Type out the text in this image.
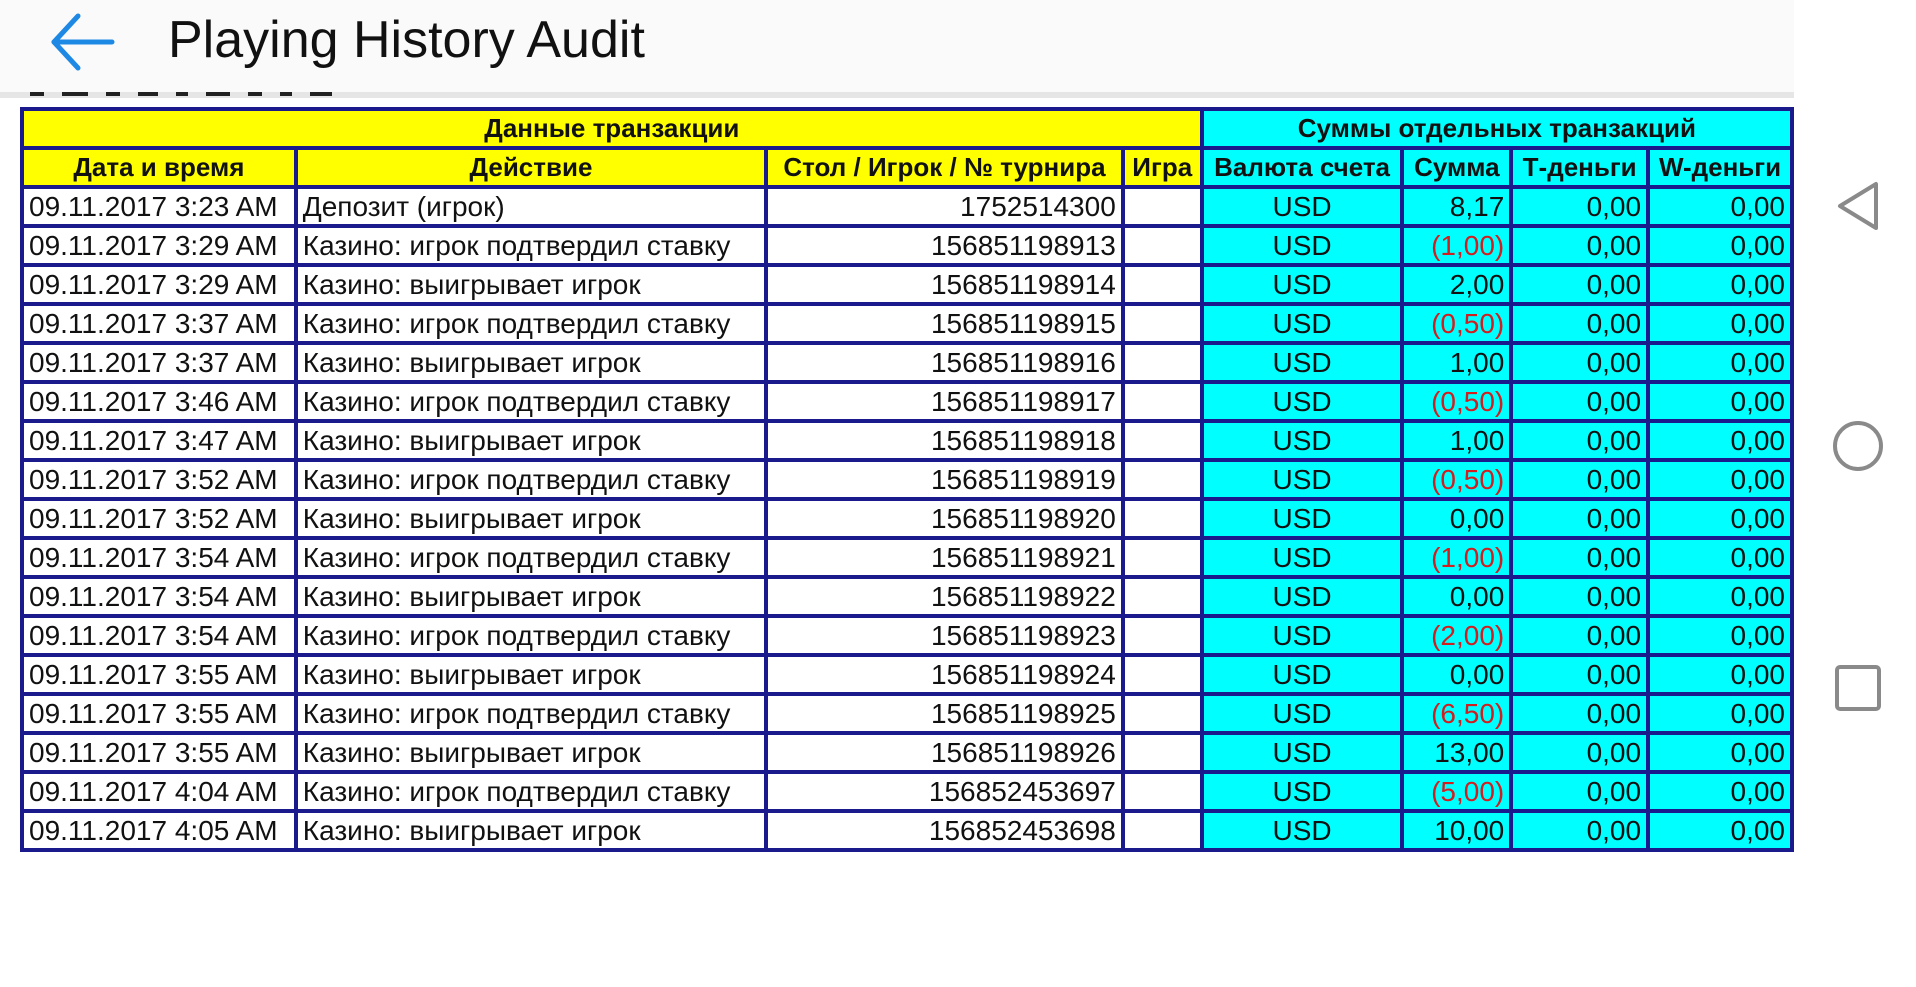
Playing History Audit
Данные транзакции				Суммы отдельных транзакций			
Дата и время	Действие	Стол / Игрок / № турнира	Игра	Валюта счета	Сумма	Т-деньги	W-деньги
09.11.2017 3:23 AM	Депозит (игрок)	1752514300		USD	8,17	0,00	0,00
09.11.2017 3:29 AM	Казино: игрок подтвердил ставку	156851198913		USD	(1,00)	0,00	0,00
09.11.2017 3:29 AM	Казино: выигрывает игрок	156851198914		USD	2,00	0,00	0,00
09.11.2017 3:37 AM	Казино: игрок подтвердил ставку	156851198915		USD	(0,50)	0,00	0,00
09.11.2017 3:37 AM	Казино: выигрывает игрок	156851198916		USD	1,00	0,00	0,00
09.11.2017 3:46 AM	Казино: игрок подтвердил ставку	156851198917		USD	(0,50)	0,00	0,00
09.11.2017 3:47 AM	Казино: выигрывает игрок	156851198918		USD	1,00	0,00	0,00
09.11.2017 3:52 AM	Казино: игрок подтвердил ставку	156851198919		USD	(0,50)	0,00	0,00
09.11.2017 3:52 AM	Казино: выигрывает игрок	156851198920		USD	0,00	0,00	0,00
09.11.2017 3:54 AM	Казино: игрок подтвердил ставку	156851198921		USD	(1,00)	0,00	0,00
09.11.2017 3:54 AM	Казино: выигрывает игрок	156851198922		USD	0,00	0,00	0,00
09.11.2017 3:54 AM	Казино: игрок подтвердил ставку	156851198923		USD	(2,00)	0,00	0,00
09.11.2017 3:55 AM	Казино: выигрывает игрок	156851198924		USD	0,00	0,00	0,00
09.11.2017 3:55 AM	Казино: игрок подтвердил ставку	156851198925		USD	(6,50)	0,00	0,00
09.11.2017 3:55 AM	Казино: выигрывает игрок	156851198926		USD	13,00	0,00	0,00
09.11.2017 4:04 AM	Казино: игрок подтвердил ставку	156852453697		USD	(5,00)	0,00	0,00
09.11.2017 4:05 AM	Казино: выигрывает игрок	156852453698		USD	10,00	0,00	0,00
